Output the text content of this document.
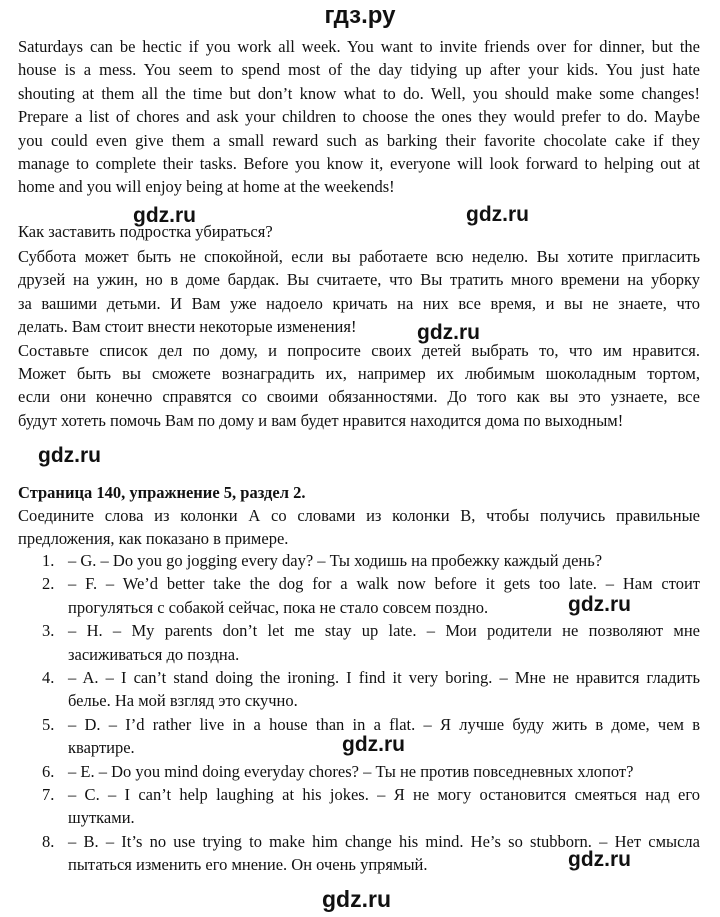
гдз.ру
Saturdays can be hectic if you work all week. You want to invite friends over for dinner, but the
house is a mess. You seem to spend most of the day tidying up after your kids. You just hate
shouting at them all the time but don’t know what to do. Well, you should make some changes!
Prepare a list of chores and ask your children to choose the ones they would prefer to do. Maybe
you could even give them a small reward such as barking their favorite chocolate cake if they
manage to complete their tasks. Before you know it, everyone will look forward to helping out at
home and you will enjoy being at home at the weekends!
gdz.ru	gdz.ru
Как заставить подростка убираться?
Суббота может быть не спокойной, если вы работаете всю неделю. Вы хотите пригласить
друзей на ужин, но в доме бардак. Вы считаете, что Вы тратить много времени на уборку
за вашими детьми. И Вам уже надоело кричать на них все время, и вы не знаете, что
делать. Вам стоит внести некоторые изменения!
Составьте список дел по дому, и попросите своих детей выбрать то, что им нравится.
Может быть вы сможете вознаградить их, например их любимым шоколадным тортом,
если они конечно справятся со своими обязанностями. До того как вы это узнаете, все
будут хотеть помочь Вам по дому и вам будет нравится находится дома по выходным!
gdz.ru
gdz.ru
Страница 140, упражнение 5, раздел 2.
Соедините слова из колонки А со словами из колонки В, чтобы получись правильные
предложения, как показано в примере.
1. – G. – Do you go jogging every day? – Ты ходишь на пробежку каждый день?
2. – F. – We’d better take the dog for a walk now before it gets too late. – Нам стоит
прогуляться с собакой сейчас, пока не стало совсем поздно.
3. – H. – My parents don’t let me stay up late. – Мои родители не позволяют мне
засиживаться до поздна.
4. – A. – I can’t stand doing the ironing. I find it very boring. – Мне не нравится гладить
белье. На мой взгляд это скучно.
5. – D. – I’d rather live in a house than in a flat. – Я лучше буду жить в доме, чем в
квартире.
6. – E. – Do you mind doing everyday chores? – Ты не против повседневных хлопот?
7. – C. – I can’t help laughing at his jokes. – Я не могу остановится смеяться над его
шутками.
8. – B. – It’s no use trying to make him change his mind. He’s so stubborn. – Нет смысла
пытаться изменить его мнение. Он очень упрямый.
gdz.ru
gdz.ru
gdz.ru
gdz.ru
